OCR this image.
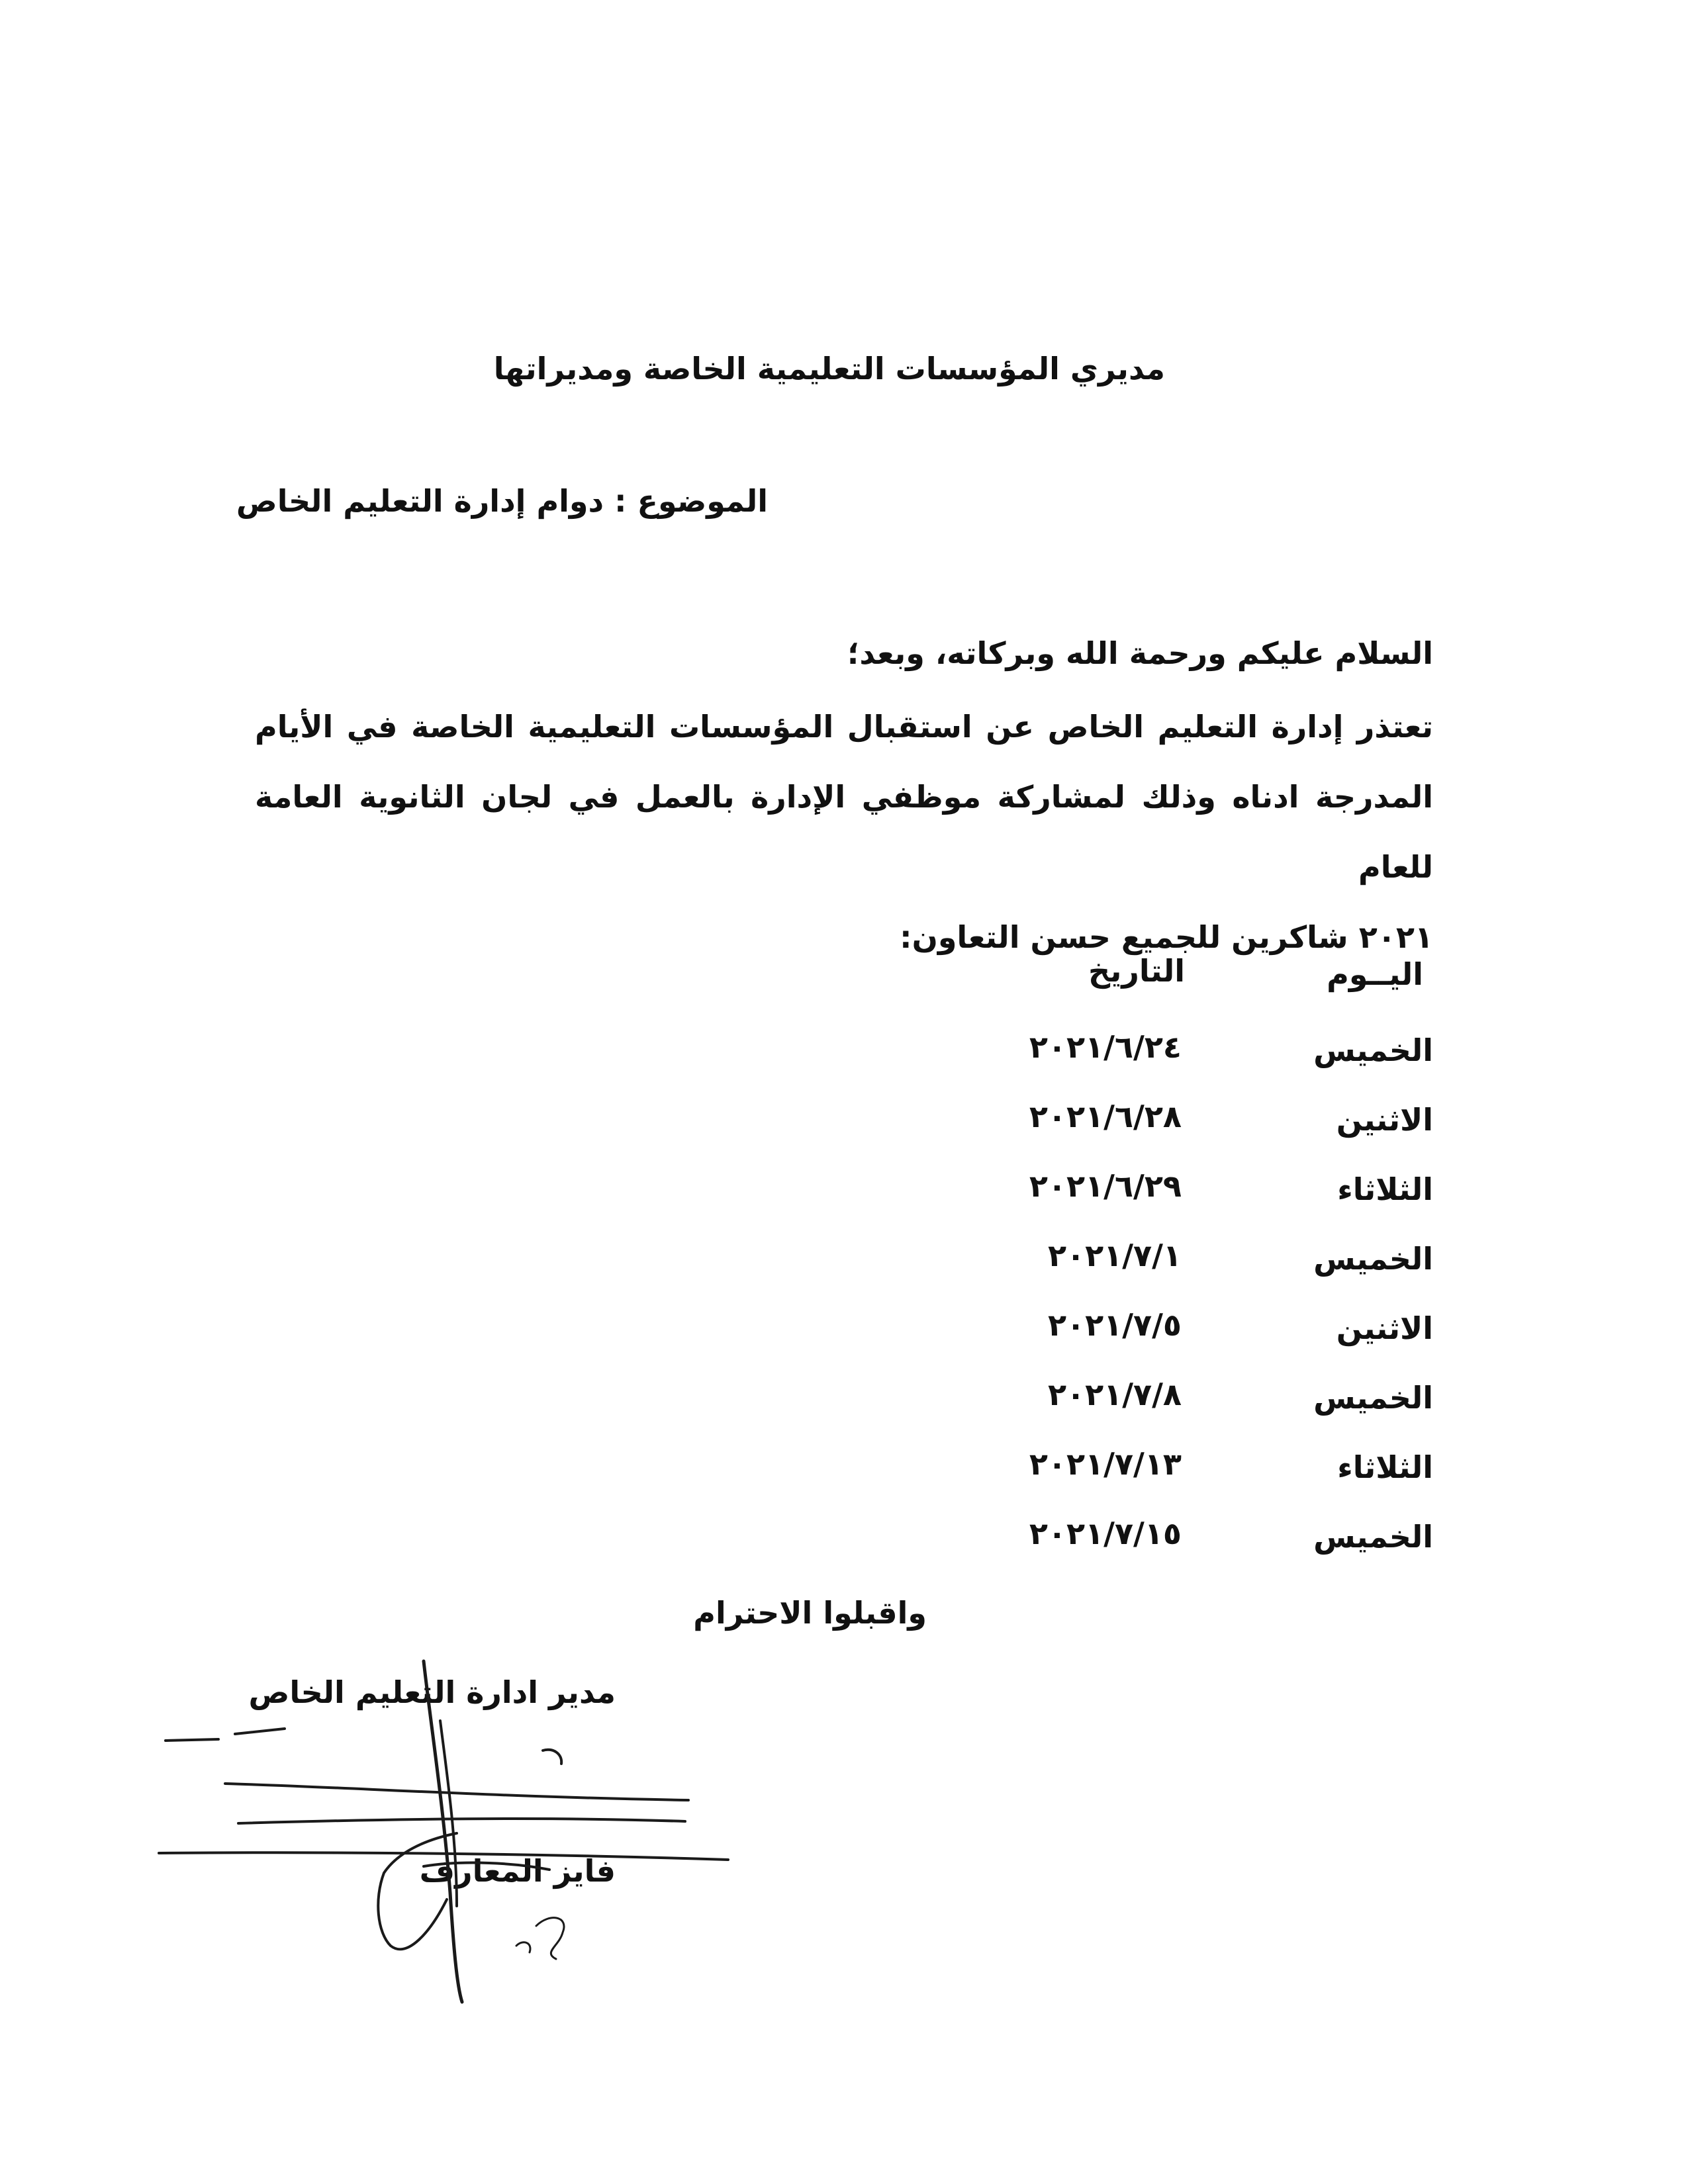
مديري المؤسسات التعليمية الخاصة ومديراتها

الموضوع : دوام إدارة التعليم الخاص

السلام عليكم ورحمة الله وبركاته، وبعد؛

تعتذر إدارة التعليم الخاص عن استقبال المؤسسات التعليمية الخاصة في الأيام
المدرجة ادناه وذلك لمشاركة موظفي الإدارة بالعمل في لجان الثانوية العامة للعام
٢٠٢١ شاكرين للجميع حسن التعاون:

اليــوم

التاريخ

الخميس
٢٠٢١/٦/٢٤
الاثنين
٢٠٢١/٦/٢٨
الثلاثاء
٢٠٢١/٦/٢٩
الخميس
٢٠٢١/٧/١
الاثنين
٢٠٢١/٧/٥
الخميس
٢٠٢١/٧/٨
الثلاثاء
٢٠٢١/٧/١٣
الخميس
٢٠٢١/٧/١٥

واقبلوا الاحترام

مدير ادارة التعليم الخاص

فايز المعارف
